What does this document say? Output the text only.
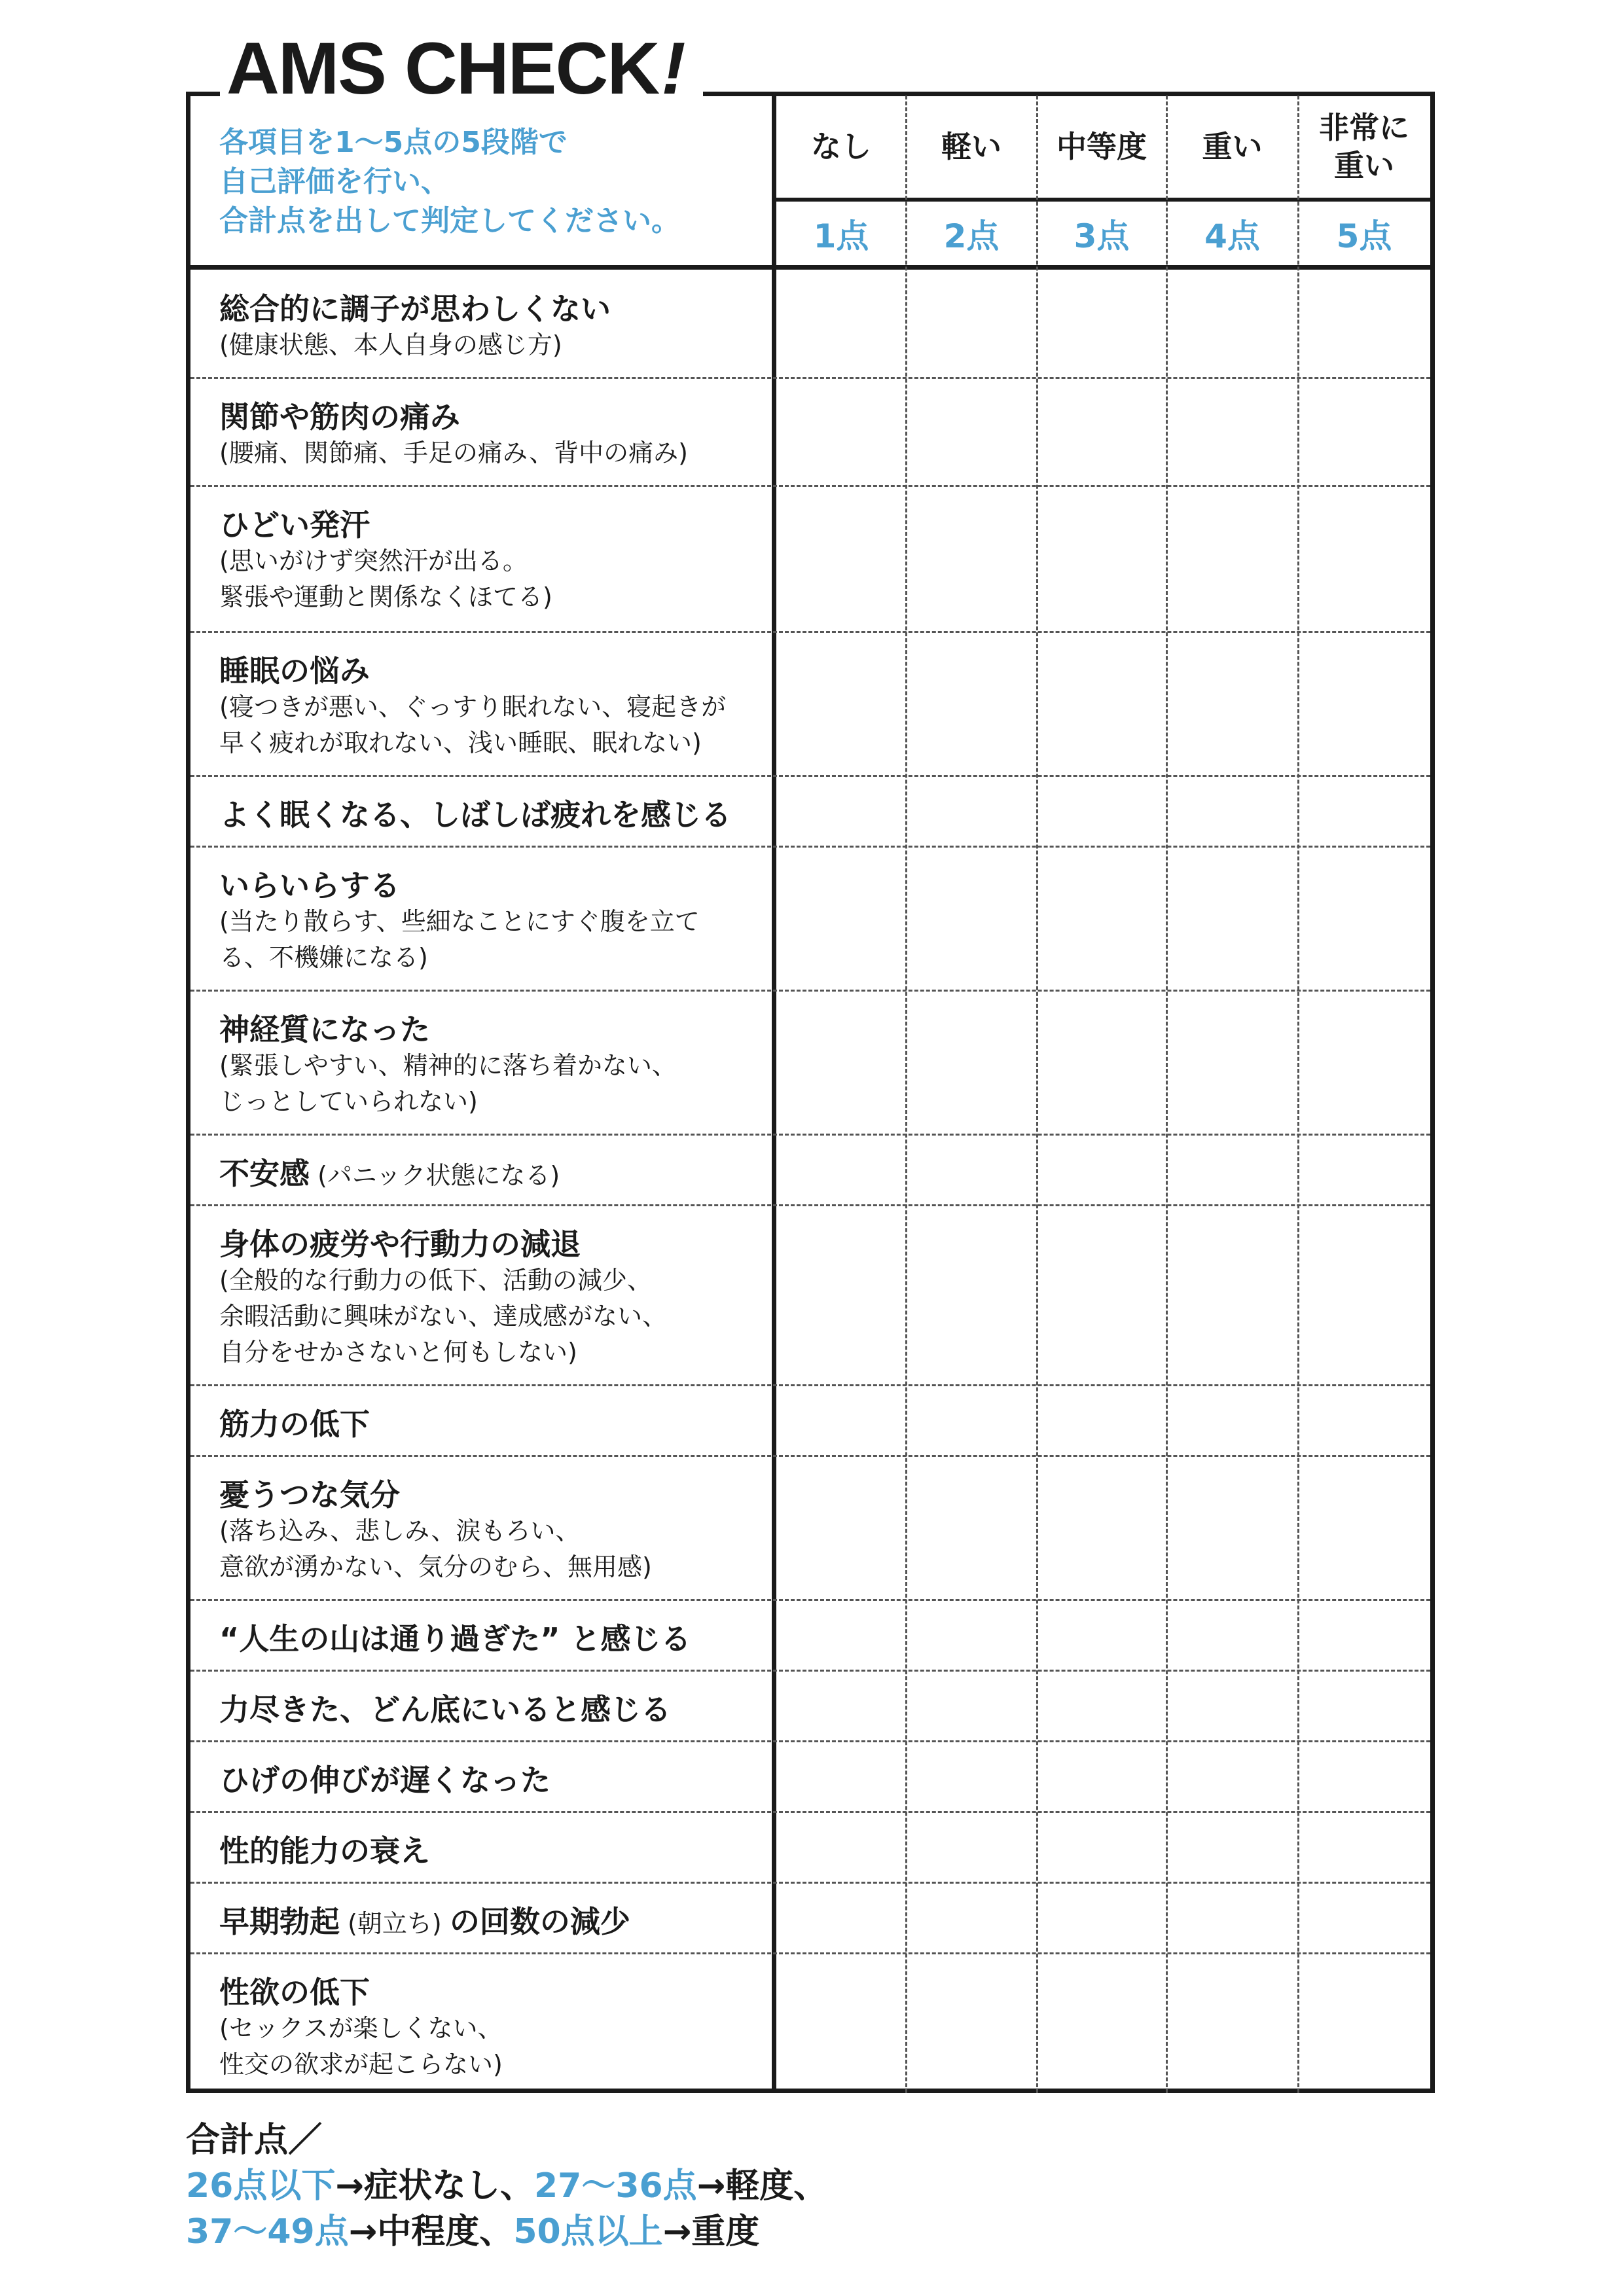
AMS CHECK!
各項目を1～5点の5段階で
自己評価を行い、
合計点を出して判定してください。
なし
1点
軽い
2点
中等度
3点
重い
4点
非常に
重い
5点
総合的に調子が思わしくない
(健康状態、本人自身の感じ方)
関節や筋肉の痛み
(腰痛、関節痛、手足の痛み、背中の痛み)
ひどい発汗
(思いがけず突然汗が出る。
緊張や運動と関係なくほてる)
睡眠の悩み
(寝つきが悪い、ぐっすり眠れない、寝起きが
早く疲れが取れない、浅い睡眠、眠れない)
よく眠くなる、しばしば疲れを感じる
いらいらする
(当たり散らす、些細なことにすぐ腹を立て
る、不機嫌になる)
神経質になった
(緊張しやすい、精神的に落ち着かない、
じっとしていられない)
不安感 (パニック状態になる)
身体の疲労や行動力の減退
(全般的な行動力の低下、活動の減少、
余暇活動に興味がない、達成感がない、
自分をせかさないと何もしない)
筋力の低下
憂うつな気分
(落ち込み、悲しみ、涙もろい、
意欲が湧かない、気分のむら、無用感)
“人生の山は通り過ぎた” と感じる
力尽きた、どん底にいると感じる
ひげの伸びが遅くなった
性的能力の衰え
早期勃起 (朝立ち) の回数の減少
性欲の低下
(セックスが楽しくない、
性交の欲求が起こらない)
合計点／
26点以下→症状なし、27～36点→軽度、
37～49点→中程度、50点以上→重度
